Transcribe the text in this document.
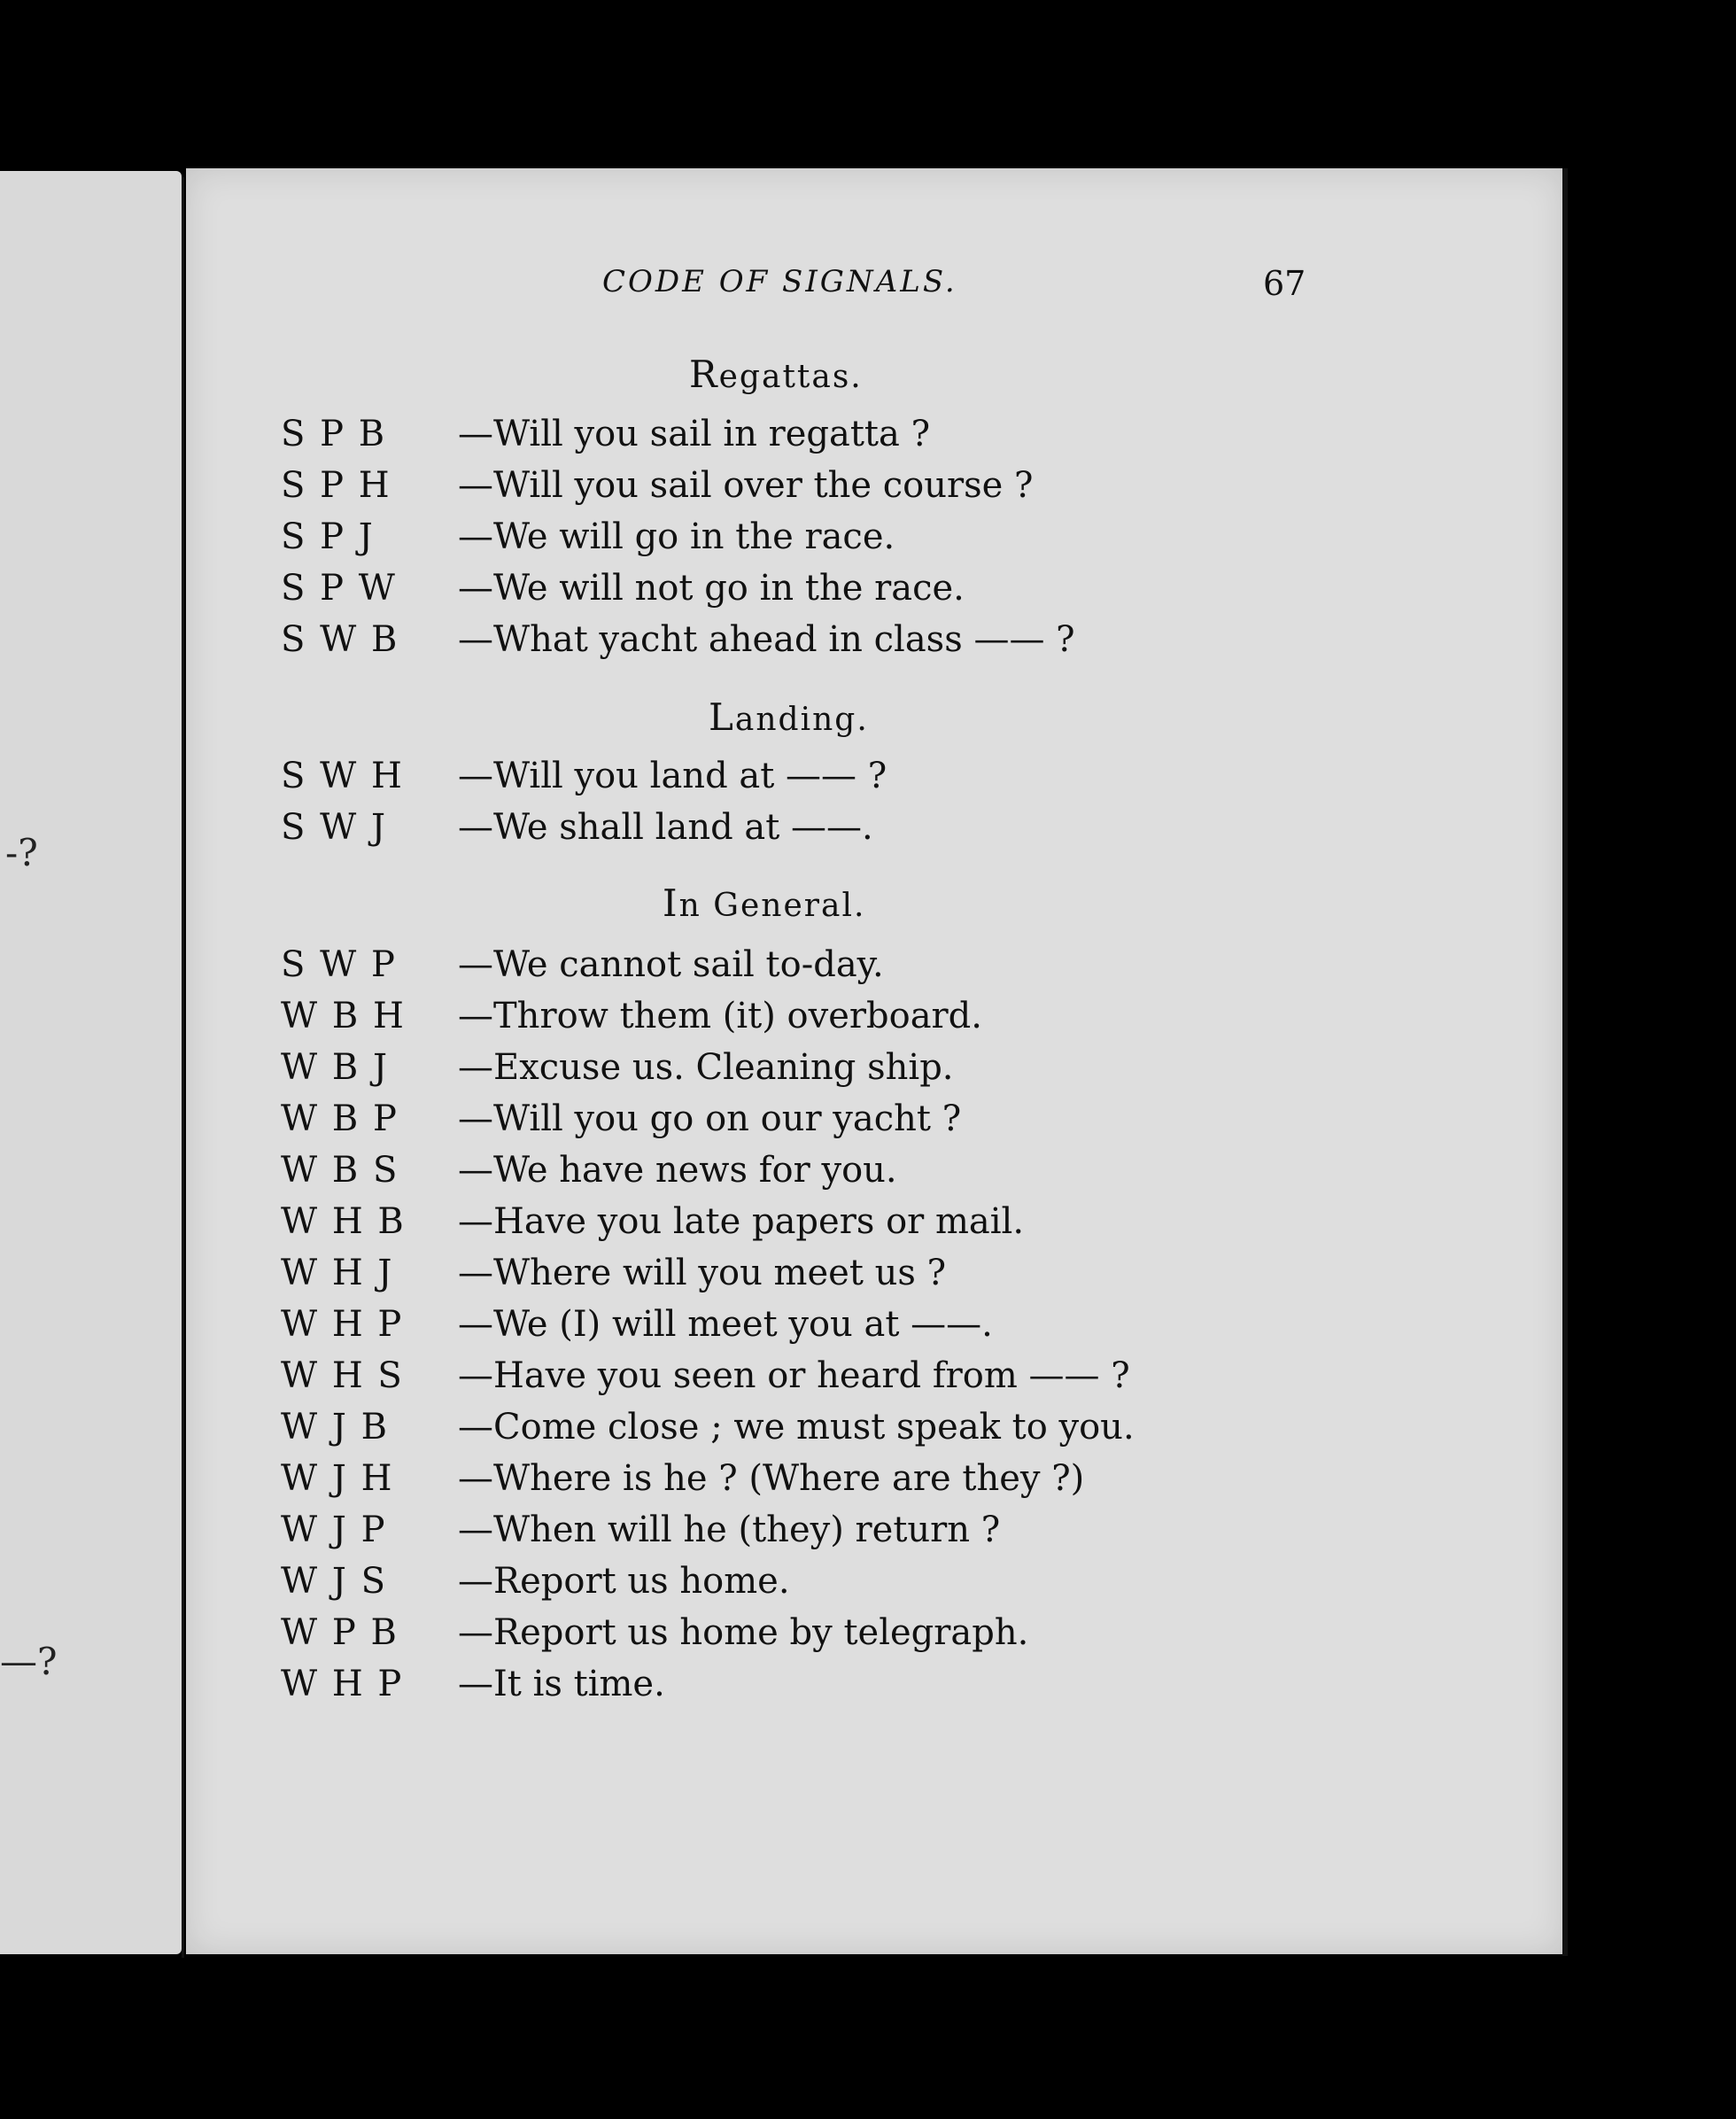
-?
—?
CODE OF SIGNALS.	67
Regattas.
S P B —Will you sail in regatta ?
S P H —Will you sail over the course ?
S P J —We will go in the race.
S P W —We will not go in the race.
S W B —What yacht ahead in class —— ?
Landing.
S W H —Will you land at —— ?
S W J —We shall land at ——.
In General.
S W P —We cannot sail to-day.
W B H —Throw them (it) overboard.
W B J —Excuse us. Cleaning ship.
W B P —Will you go on our yacht ?
W B S —We have news for you.
W H B —Have you late papers or mail.
W H J —Where will you meet us ?
W H P —We (I) will meet you at ——.
W H S —Have you seen or heard from —— ?
W J B —Come close ; we must speak to you.
W J H —Where is he ? (Where are they ?)
W J P —When will he (they) return ?
W J S —Report us home.
W P B —Report us home by telegraph.
W H P —It is time.
